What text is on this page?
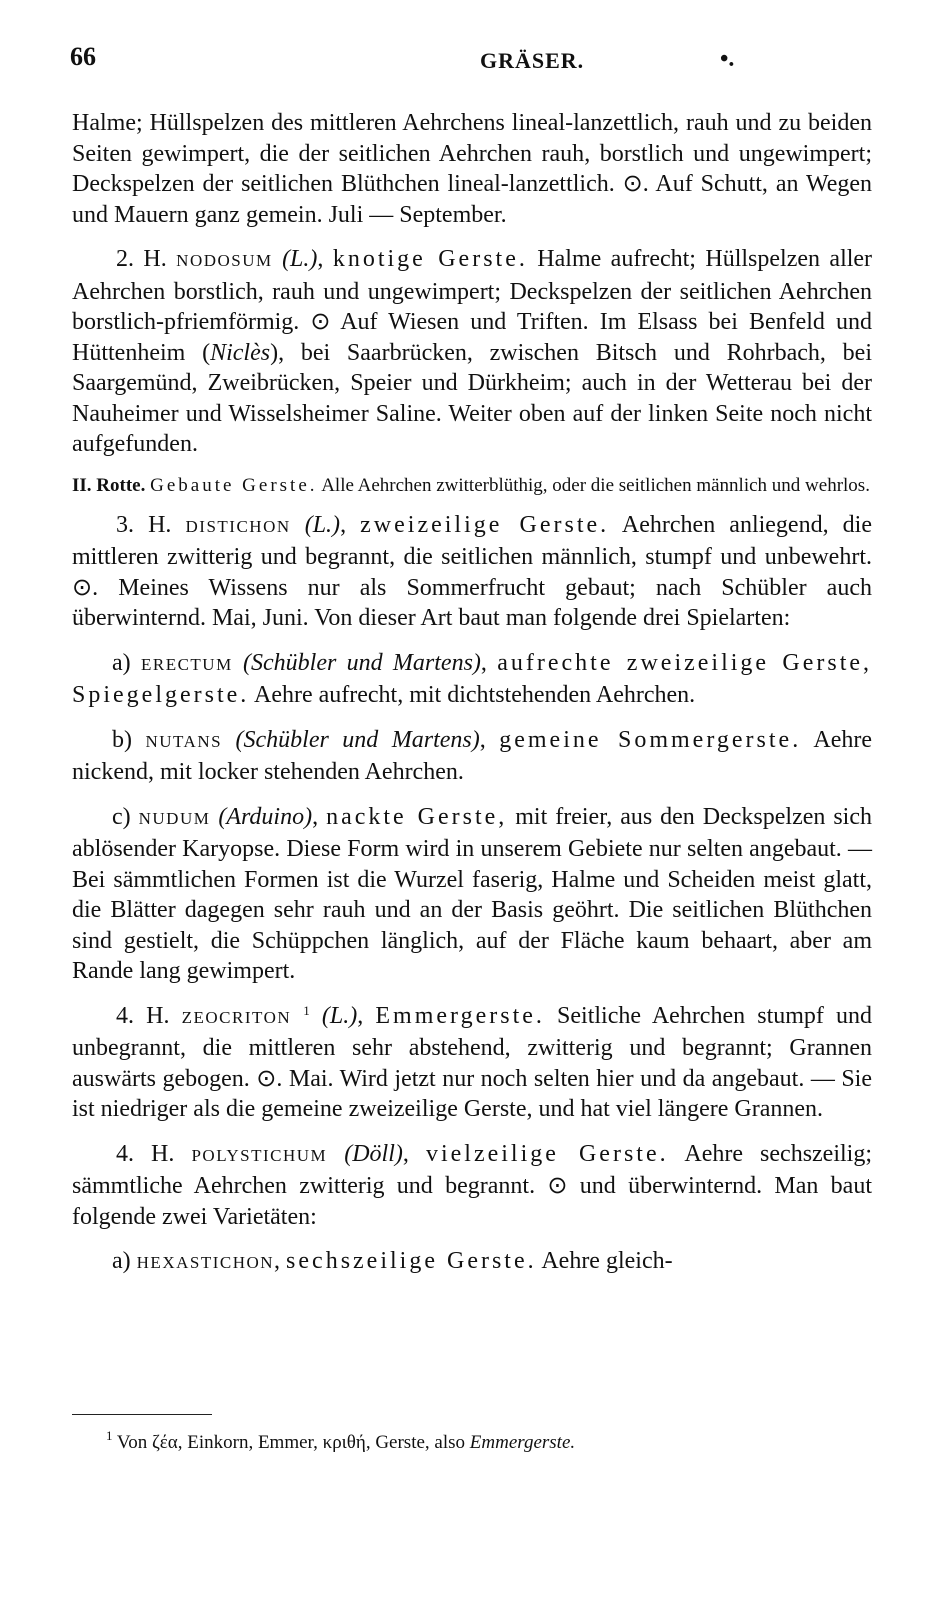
66	GRÄSER.	•.

Halme; Hüllspelzen des mittleren Aehrchens lineal-lanzettlich, rauh und zu beiden Seiten gewimpert, die der seitlichen Aehrchen rauh, borstlich und ungewimpert; Deckspelzen der seitlichen Blüthchen lineal-lanzettlich. ⊙. Auf Schutt, an Wegen und Mauern ganz gemein. Juli — September.

2. H. NODOSUM (L.), knotige Gerste. Halme aufrecht; Hüllspelzen aller Aehrchen borstlich, rauh und ungewimpert; Deckspelzen der seitlichen Aehrchen borstlich-pfriemförmig. ⊙ Auf Wiesen und Triften. Im Elsass bei Benfeld und Hüttenheim (Niclès), bei Saarbrücken, zwischen Bitsch und Rohrbach, bei Saargemünd, Zweibrücken, Speier und Dürkheim; auch in der Wetterau bei der Nauheimer und Wisselsheimer Saline. Weiter oben auf der linken Seite noch nicht aufgefunden.

II. Rotte. Gebaute Gerste. Alle Aehrchen zwitterblüthig, oder die seitlichen männlich und wehrlos.

3. H. DISTICHON (L.), zweizeilige Gerste. Aehrchen anliegend, die mittleren zwitterig und begrannt, die seitlichen männlich, stumpf und unbewehrt. ⊙. Meines Wissens nur als Sommerfrucht gebaut; nach Schübler auch überwinternd. Mai, Juni. Von dieser Art baut man folgende drei Spielarten:

a) ERECTUM (Schübler und Martens), aufrechte zweizeilige Gerste, Spiegelgerste. Aehre aufrecht, mit dichtstehenden Aehrchen.

b) NUTANS (Schübler und Martens), gemeine Sommergerste. Aehre nickend, mit locker stehenden Aehrchen.

c) NUDUM (Arduino), nackte Gerste, mit freier, aus den Deckspelzen sich ablösender Karyopse. Diese Form wird in unserem Gebiete nur selten angebaut. — Bei sämmtlichen Formen ist die Wurzel faserig, Halme und Scheiden meist glatt, die Blätter dagegen sehr rauh und an der Basis geöhrt. Die seitlichen Blüthchen sind gestielt, die Schüppchen länglich, auf der Fläche kaum behaart, aber am Rande lang gewimpert.

4. H. ZEOCRITON $^1$ (L.), Emmergerste. Seitliche Aehrchen stumpf und unbegrannt, die mittleren sehr abstehend, zwitterig und begrannt; Grannen auswärts gebogen. ⊙. Mai. Wird jetzt nur noch selten hier und da angebaut. — Sie ist niedriger als die gemeine zweizeilige Gerste, und hat viel längere Grannen.

4. H. POLYSTICHUM (Döll), vielzeilige Gerste. Aehre sechszeilig; sämmtliche Aehrchen zwitterig und begrannt. ⊙ und überwinternd. Man baut folgende zwei Varietäten:

a) HEXASTICHON, sechszeilige Gerste. Aehre gleich-

$^1$ Von ζέα, Einkorn, Emmer, κριθή, Gerste, also Emmergerste.
